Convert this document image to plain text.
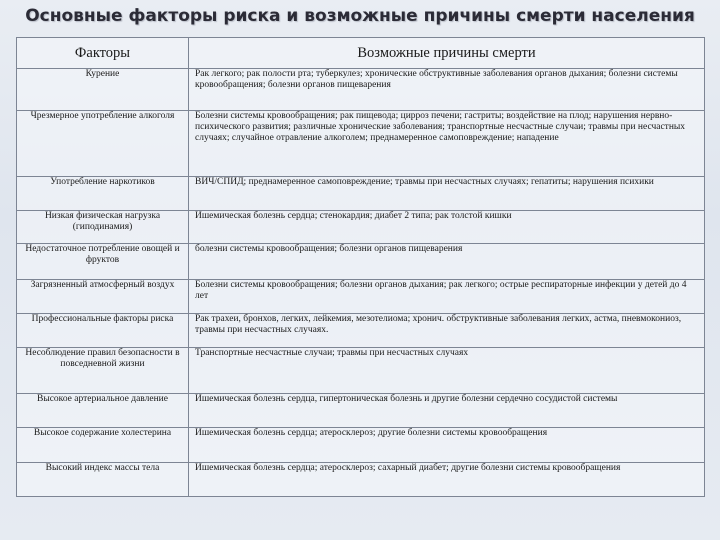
Основные факторы риска и возможные причины смерти населения
Факторы	Возможные причины смерти
Курение	Рак легкого; рак полости рта; туберкулез; хронические обструктивные заболевания органов дыхания; болезни системы кровообращения; болезни органов пищеварения
Чрезмерное употребление алкоголя	Болезни системы кровообращения; рак пищевода; цирроз печени; гастриты; воздействие на плод; нарушения нервно- психического развития; различные хронические заболевания; транспортные несчастные случаи; травмы при несчастных случаях; случайное отравление алкоголем; преднамеренное самоповреждение; нападение
Употребление наркотиков	ВИЧ/СПИД; преднамеренное самоповреждение; травмы при несчастных случаях; гепатиты; нарушения психики
Низкая физическая нагрузка (гиподинамия)	Ишемическая болезнь сердца; стенокардия; диабет 2 типа; рак толстой кишки
Недостаточное потребление овощей и фруктов	болезни системы кровообращения; болезни органов пищеварения
Загрязненный атмосферный воздух	Болезни системы кровообращения; болезни органов дыхания; рак легкого; острые респираторные инфекции у детей до 4 лет
Профессиональные факторы риска	Рак трахеи, бронхов, легких, лейкемия, мезотелиома; хронич. обструктивные заболевания легких, астма, пневмокониоз, травмы при несчастных случаях.
Несоблюдение правил безопасности в повседневной жизни	Транспортные несчастные случаи; травмы при несчастных случаях
Высокое артериальное давление	Ишемическая болезнь сердца, гипертоническая болезнь и другие болезни сердечно сосудистой системы
Высокое содержание холестерина	Ишемическая болезнь сердца; атеросклероз; другие болезни системы кровообращения
Высокий индекс массы тела	Ишемическая болезнь сердца; атеросклероз; сахарный диабет; другие болезни системы кровообращения
